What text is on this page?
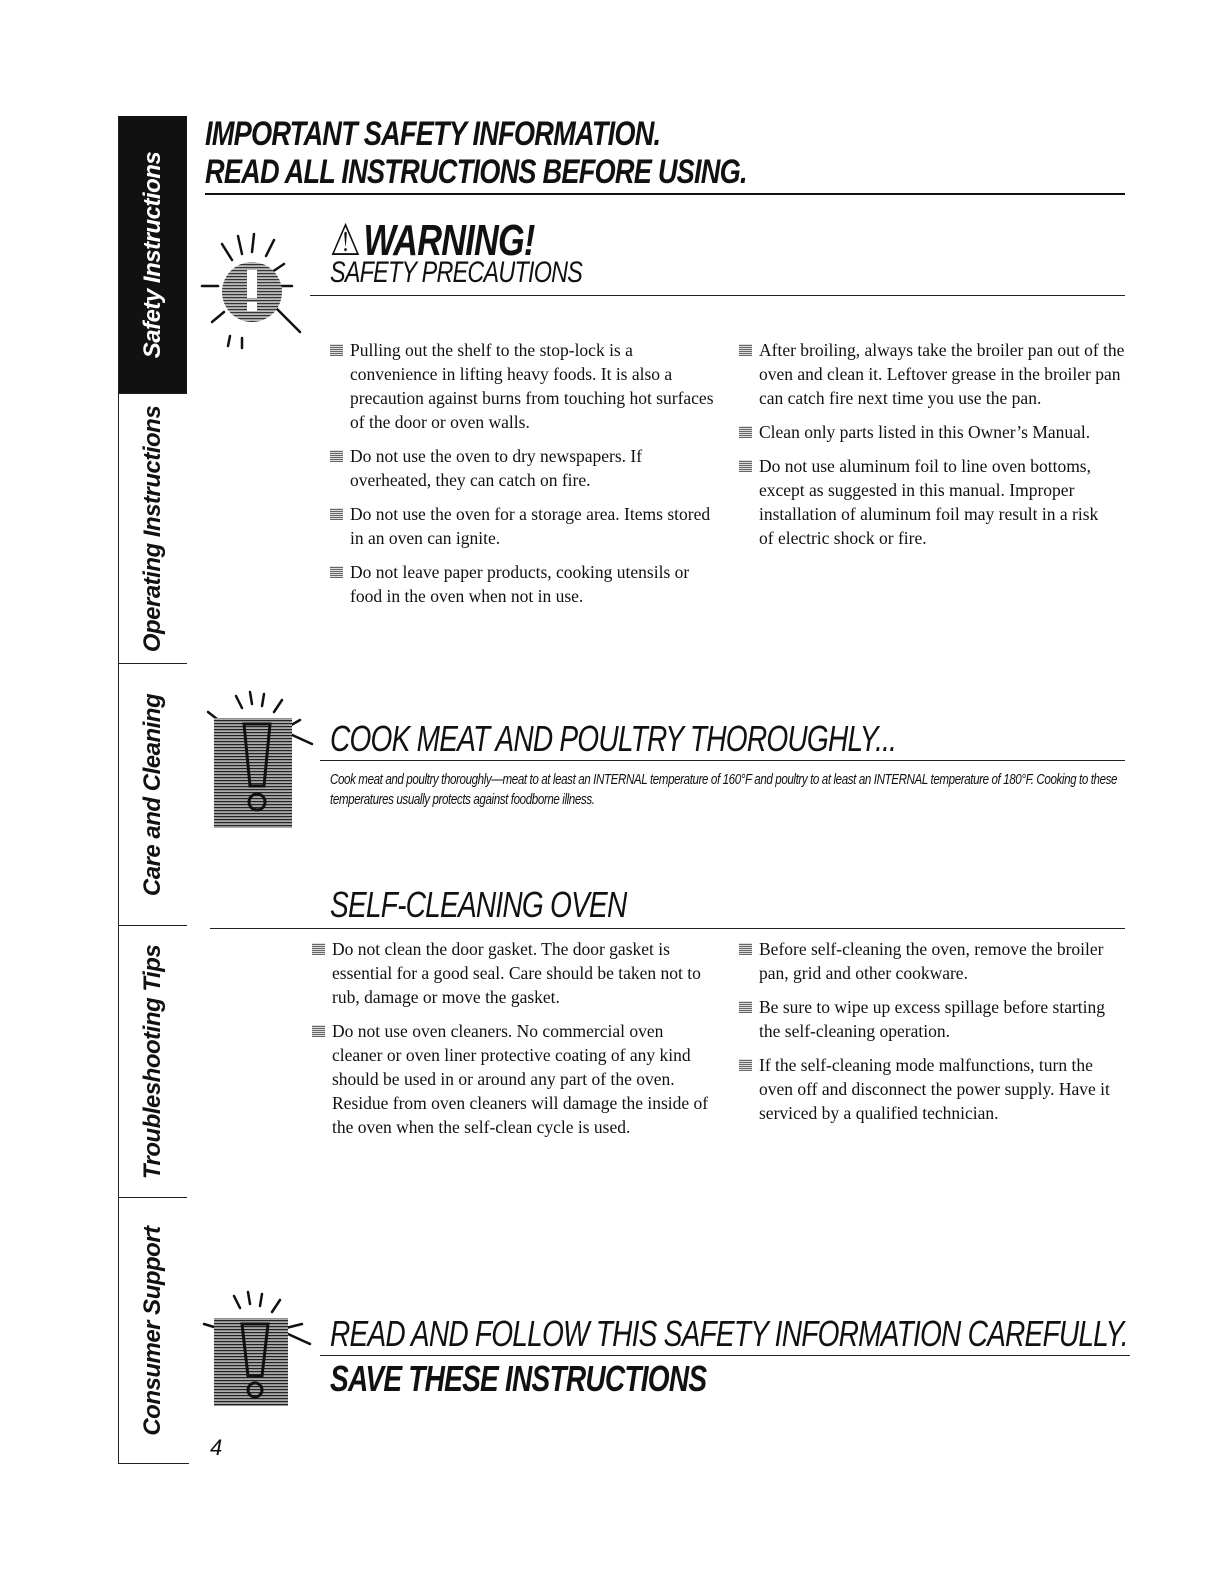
Safety Instructions
Operating Instructions
Care and Cleaning
Troubleshooting Tips
Consumer Support
IMPORTANT SAFETY INFORMATION.
READ ALL INSTRUCTIONS BEFORE USING.
⚠ WARNING!
SAFETY PRECAUTIONS
Pulling out the shelf to the stop-lock is a convenience in lifting heavy foods. It is also a precaution against burns from touching hot surfaces of the door or oven walls.
Do not use the oven to dry newspapers. If overheated, they can catch on fire.
Do not use the oven for a storage area. Items stored in an oven can ignite.
Do not leave paper products, cooking utensils or food in the oven when not in use.
After broiling, always take the broiler pan out of the oven and clean it. Leftover grease in the broiler pan can catch fire next time you use the pan.
Clean only parts listed in this Owner’s Manual.
Do not use aluminum foil to line oven bottoms, except as suggested in this manual. Improper installation of aluminum foil may result in a risk of electric shock or fire.
COOK MEAT AND POULTRY THOROUGHLY...
Cook meat and poultry thoroughly—meat to at least an INTERNAL temperature of 160°F and poultry to at least an INTERNAL temperature of 180°F. Cooking to these temperatures usually protects against foodborne illness.
SELF-CLEANING OVEN
Do not clean the door gasket. The door gasket is essential for a good seal. Care should be taken not to rub, damage or move the gasket.
Do not use oven cleaners. No commercial oven cleaner or oven liner protective coating of any kind should be used in or around any part of the oven. Residue from oven cleaners will damage the inside of the oven when the self-clean cycle is used.
Before self-cleaning the oven, remove the broiler pan, grid and other cookware.
Be sure to wipe up excess spillage before starting the self-cleaning operation.
If the self-cleaning mode malfunctions, turn the oven off and disconnect the power supply. Have it serviced by a qualified technician.
READ AND FOLLOW THIS SAFETY INFORMATION CAREFULLY.
SAVE THESE INSTRUCTIONS
4
